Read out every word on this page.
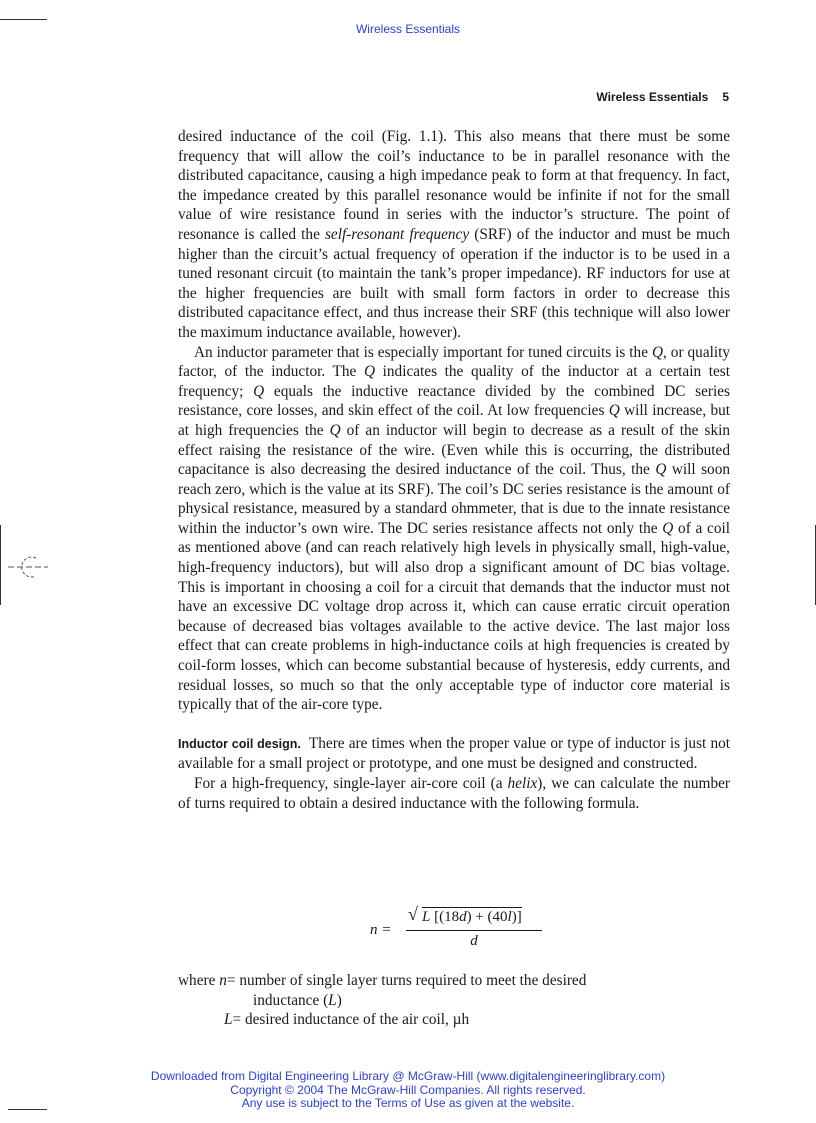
Wireless Essentials
Wireless Essentials 5

desired inductance of the coil (Fig. 1.1). This also means that there must be some frequency that will allow the coil’s inductance to be in parallel resonance with the distributed capacitance, causing a high impedance peak to form at that frequency. In fact, the impedance created by this parallel resonance would be infinite if not for the small value of wire resistance found in series with the inductor’s structure. The point of resonance is called the self-resonant frequency (SRF) of the inductor and must be much higher than the circuit’s actual frequency of operation if the inductor is to be used in a tuned resonant circuit (to maintain the tank’s proper impedance). RF inductors for use at the higher frequencies are built with small form factors in order to decrease this distributed capacitance effect, and thus increase their SRF (this technique will also lower the maximum inductance available, however).

An inductor parameter that is especially important for tuned circuits is the Q, or quality factor, of the inductor. The Q indicates the quality of the inductor at a certain test frequency; Q equals the inductive reactance divided by the combined DC series resistance, core losses, and skin effect of the coil. At low frequencies Q will increase, but at high frequencies the Q of an inductor will begin to decrease as a result of the skin effect raising the resistance of the wire. (Even while this is occurring, the distributed capacitance is also decreasing the desired inductance of the coil. Thus, the Q will soon reach zero, which is the value at its SRF). The coil’s DC series resistance is the amount of physical resistance, measured by a standard ohmmeter, that is due to the innate resistance within the inductor’s own wire. The DC series resistance affects not only the Q of a coil as mentioned above (and can reach relatively high levels in physically small, high-value, high-frequency inductors), but will also drop a significant amount of DC bias voltage. This is important in choosing a coil for a circuit that demands that the inductor must not have an excessive DC voltage drop across it, which can cause erratic circuit operation because of decreased bias voltages available to the active device. The last major loss effect that can create problems in high-inductance coils at high frequencies is created by coil-form losses, which can become substantial because of hysteresis, eddy currents, and residual losses, so much so that the only acceptable type of inductor core material is typically that of the air-core type.

Inductor coil design. There are times when the proper value or type of inductor is just not available for a small project or prototype, and one must be designed and constructed.

For a high-frequency, single-layer air-core coil (a helix), we can calculate the number of turns required to obtain a desired inductance with the following formula.

n =
√ L [(18d) + (40l)]
d
where n= number of single layer turns required to meet the desired
inductance (L)
L= desired inductance of the air coil, µh
Downloaded from Digital Engineering Library @ McGraw-Hill (www.digitalengineeringlibrary.com)
Copyright © 2004 The McGraw-Hill Companies. All rights reserved.
Any use is subject to the Terms of Use as given at the website.
